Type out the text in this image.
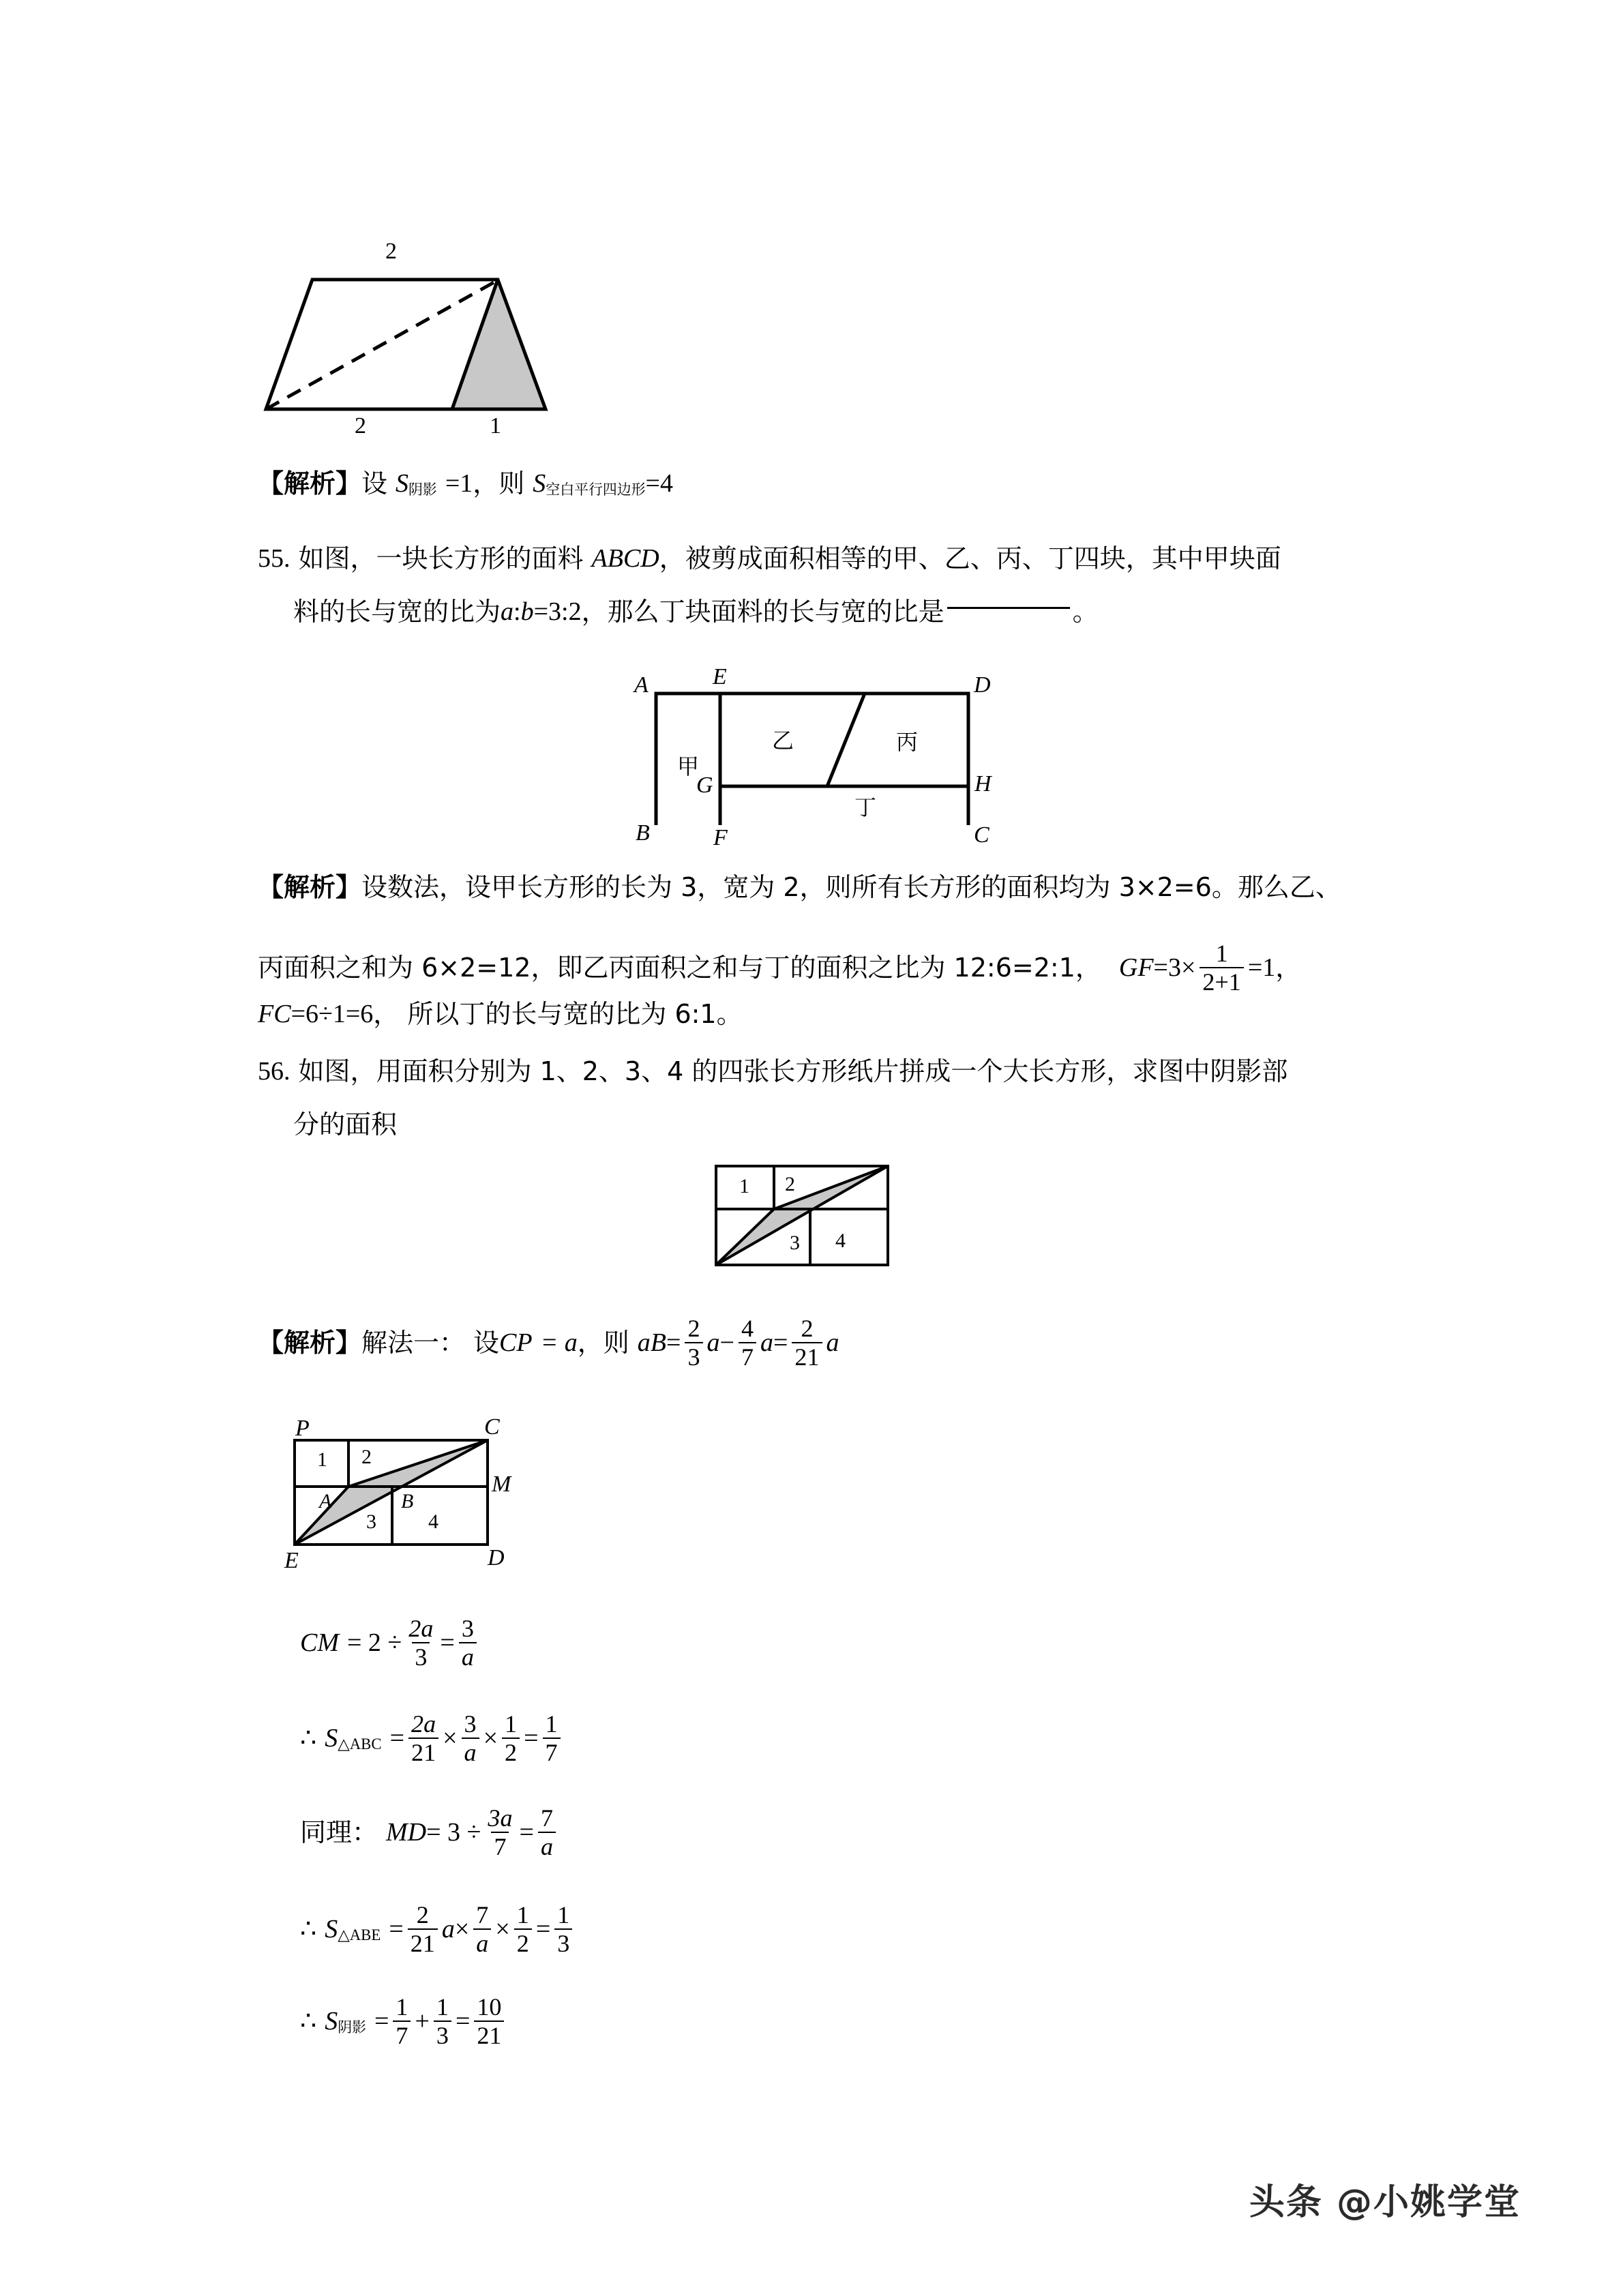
2
2	1
【解析】 设 S 阴影 =1 ， 则 S 空白平行四边形 =4
55. 如图，一块长方形的面料 ABCD ，被剪成面积相等的甲、乙、丙、丁四块，其中甲块面
料的长与宽的比为 a : b =3:2 ，那么丁块面料的长与宽的比是	。
A	E	D
B	F	C
G	H
甲
乙	丙
丁
【解析】 设数法，设甲长方形的长为 3，宽为 2，则所有长方形的面积均为 3×2=6。那么乙、
丙面积之和为 6×2=12，即乙丙面积之和与丁的面积之比为 12:6=2:1， GF $=3\times \frac{1}{2+1} =1$ ，
FC =6÷1=6 ， 所以丁的长与宽的比为 6:1。
56. 如图，用面积分别为 1、2、3、4 的四张长方形纸片拼成一个大长方形，求图中阴影部
分的面积
1 2
3 4
【解析】 解法一： 设 CP = a ， 则 aB = $\frac{2}{3}$ $a - \frac{4}{7}$ $a = \frac{2}{21}$ a
P	C
M
D
E
A	B
1 2
3	4
CM = $2 \div \frac{2a}{3} = \frac{3}{a}$
∴ S △ABC = $\frac{2a}{21} \times \frac{3}{a} \times \frac{1}{2} = \frac{1}{7}$
同理： MD = $3 \div \frac{3a}{7} = \frac{7}{a}$
∴ S △ABE = $\frac{2}{21}$ $a \times \frac{7}{a} \times \frac{1}{2} = \frac{1}{3}$
∴ S 阴影 = $\frac{1}{7} + \frac{1}{3} = \frac{10}{21}$
头条 @小姚学堂
